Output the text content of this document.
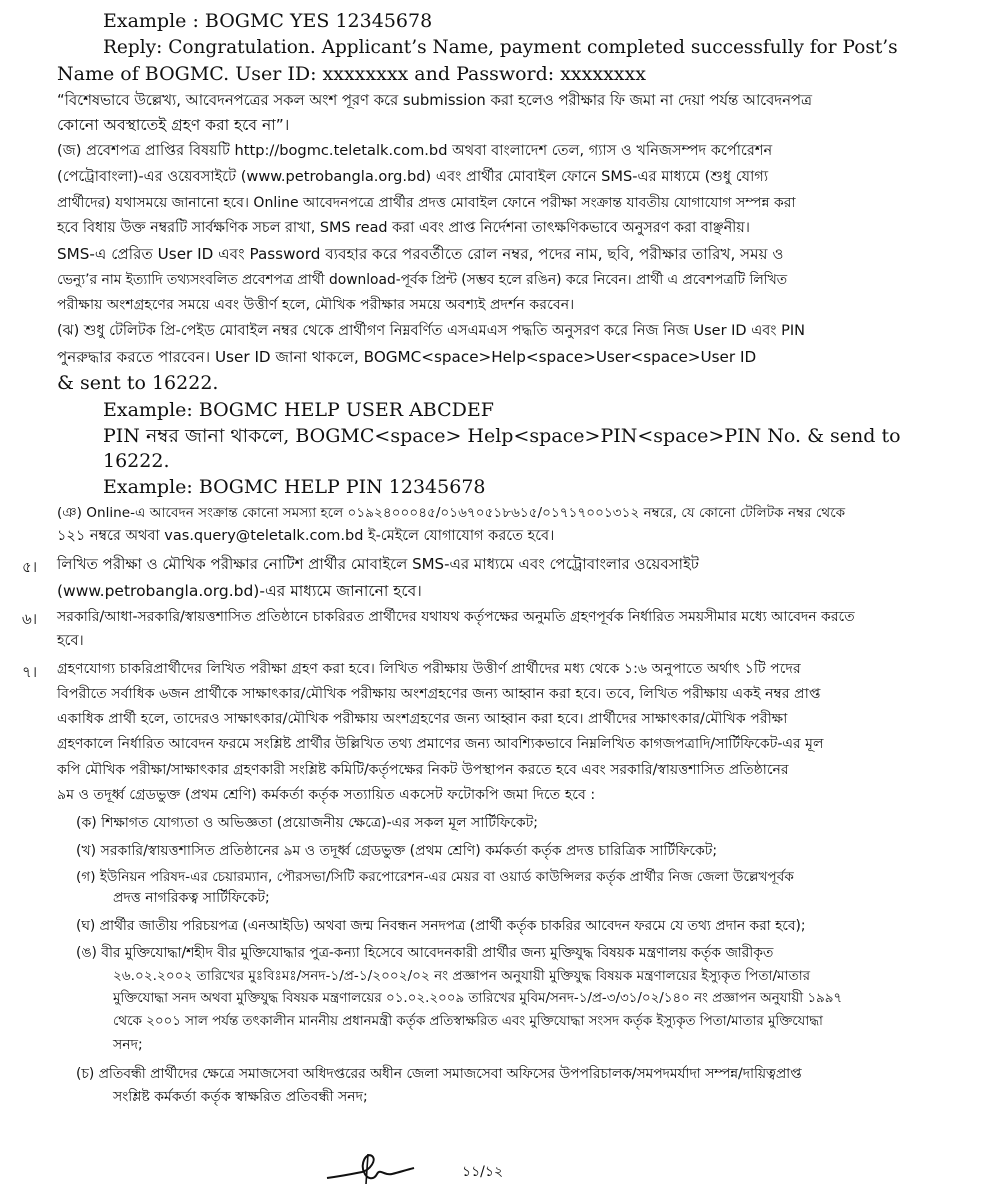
Example : BOGMC YES 12345678
Reply: Congratulation. Applicant’s Name, payment completed successfully for Post’s
Name of BOGMC. User ID: xxxxxxxx and Password: xxxxxxxx
“বিশেষভাবে উল্লেখ্য, আবেদনপত্রের সকল অংশ পূরণ করে submission করা হলেও পরীক্ষার ফি জমা না দেয়া পর্যন্ত আবেদনপত্র
কোনো অবস্থাতেই গ্রহণ করা হবে না”।
(জ) প্রবেশপত্র প্রাপ্তির বিষয়টি http://bogmc.teletalk.com.bd অথবা বাংলাদেশ তেল, গ্যাস ও খনিজসম্পদ কর্পোরেশন
(পেট্রোবাংলা)-এর ওয়েবসাইটে (www.petrobangla.org.bd) এবং প্রার্থীর মোবাইল ফোনে SMS-এর মাধ্যমে (শুধু যোগ্য
প্রার্থীদের) যথাসময়ে জানানো হবে। Online আবেদনপত্রে প্রার্থীর প্রদত্ত মোবাইল ফোনে পরীক্ষা সংক্রান্ত যাবতীয় যোগাযোগ সম্পন্ন করা
হবে বিধায় উক্ত নম্বরটি সার্বক্ষণিক সচল রাখা, SMS read করা এবং প্রাপ্ত নির্দেশনা তাৎক্ষণিকভাবে অনুসরণ করা বাঞ্ছনীয়।
SMS-এ প্রেরিত User ID এবং Password ব্যবহার করে পরবর্তীতে রোল নম্বর, পদের নাম, ছবি, পরীক্ষার তারিখ, সময় ও
ভেন্যু’র নাম ইত্যাদি তথ্যসংবলিত প্রবেশপত্র প্রার্থী download-পূর্বক প্রিন্ট (সম্ভব হলে রঙিন) করে নিবেন। প্রার্থী এ প্রবেশপত্রটি লিখিত
পরীক্ষায় অংশগ্রহণের সময়ে এবং উত্তীর্ণ হলে, মৌখিক পরীক্ষার সময়ে অবশ্যই প্রদর্শন করবেন।
(ঝ) শুধু টেলিটক প্রি-পেইড মোবাইল নম্বর থেকে প্রার্থীগণ নিম্নবর্ণিত এসএমএস পদ্ধতি অনুসরণ করে নিজ নিজ User ID এবং PIN
পুনরুদ্ধার করতে পারবেন। User ID জানা থাকলে, BOGMC<space>Help<space>User<space>User ID
& sent to 16222.
Example: BOGMC HELP USER ABCDEF
PIN নম্বর জানা থাকলে, BOGMC<space> Help<space>PIN<space>PIN No. & send to
16222.
Example: BOGMC HELP PIN 12345678
(ঞ) Online-এ আবেদন সংক্রান্ত কোনো সমস্যা হলে ০১৯২৪০০০৪৫/০১৬৭০৫১৮৬১৫/০১৭১৭০০১৩১২ নম্বরে, যে কোনো টেলিটক নম্বর থেকে
১২১ নম্বরে অথবা vas.query@teletalk.com.bd ই-মেইলে যোগাযোগ করতে হবে।
৫। লিখিত পরীক্ষা ও মৌখিক পরীক্ষার নোটিশ প্রার্থীর মোবাইলে SMS-এর মাধ্যমে এবং পেট্রোবাংলার ওয়েবসাইট
(www.petrobangla.org.bd)-এর মাধ্যমে জানানো হবে।
৬। সরকারি/আধা-সরকারি/স্বায়ত্তশাসিত প্রতিষ্ঠানে চাকরিরত প্রার্থীদের যথাযথ কর্তৃপক্ষের অনুমতি গ্রহণপূর্বক নির্ধারিত সময়সীমার মধ্যে আবেদন করতে
হবে।
৭। গ্রহণযোগ্য চাকরিপ্রার্থীদের লিখিত পরীক্ষা গ্রহণ করা হবে। লিখিত পরীক্ষায় উত্তীর্ণ প্রার্থীদের মধ্য থেকে ১:৬ অনুপাতে অর্থাৎ ১টি পদের
বিপরীতে সর্বাধিক ৬জন প্রার্থীকে সাক্ষাৎকার/মৌখিক পরীক্ষায় অংশগ্রহণের জন্য আহ্বান করা হবে। তবে, লিখিত পরীক্ষায় একই নম্বর প্রাপ্ত
একাধিক প্রার্থী হলে, তাদেরও সাক্ষাৎকার/মৌখিক পরীক্ষায় অংশগ্রহণের জন্য আহ্বান করা হবে। প্রার্থীদের সাক্ষাৎকার/মৌখিক পরীক্ষা
গ্রহণকালে নির্ধারিত আবেদন ফরমে সংশ্লিষ্ট প্রার্থীর উল্লিখিত তথ্য প্রমাণের জন্য আবশ্যিকভাবে নিম্নলিখিত কাগজপত্রাদি/সার্টিফিকেট-এর মূল
কপি মৌখিক পরীক্ষা/সাক্ষাৎকার গ্রহণকারী সংশ্লিষ্ট কমিটি/কর্তৃপক্ষের নিকট উপস্থাপন করতে হবে এবং সরকারি/স্বায়ত্তশাসিত প্রতিষ্ঠানের
৯ম ও তদূর্ধ্ব গ্রেডভুক্ত (প্রথম শ্রেণি) কর্মকর্তা কর্তৃক সত্যায়িত একসেট ফটোকপি জমা দিতে হবে :
(ক) শিক্ষাগত যোগ্যতা ও অভিজ্ঞতা (প্রয়োজনীয় ক্ষেত্রে)-এর সকল মূল সার্টিফিকেট;
(খ) সরকারি/স্বায়ত্তশাসিত প্রতিষ্ঠানের ৯ম ও তদূর্ধ্ব গ্রেডভুক্ত (প্রথম শ্রেণি) কর্মকর্তা কর্তৃক প্রদত্ত চারিত্রিক সার্টিফিকেট;
(গ) ইউনিয়ন পরিষদ-এর চেয়ারম্যান, পৌরসভা/সিটি করপোরেশন-এর মেয়র বা ওয়ার্ড কাউন্সিলর কর্তৃক প্রার্থীর নিজ জেলা উল্লেখপূর্বক
প্রদত্ত নাগরিকত্ব সার্টিফিকেট;
(ঘ) প্রার্থীর জাতীয় পরিচয়পত্র (এনআইডি) অথবা জন্ম নিবন্ধন সনদপত্র (প্রার্থী কর্তৃক চাকরির আবেদন ফরমে যে তথ্য প্রদান করা হবে);
(ঙ) বীর মুক্তিযোদ্ধা/শহীদ বীর মুক্তিযোদ্ধার পুত্র-কন্যা হিসেবে আবেদনকারী প্রার্থীর জন্য মুক্তিযুদ্ধ বিষয়ক মন্ত্রণালয় কর্তৃক জারীকৃত
২৬.০২.২০০২ তারিখের মুঃবিঃমঃ/সনদ-১/প্র-১/২০০২/০২ নং প্রজ্ঞাপন অনুযায়ী মুক্তিযুদ্ধ বিষয়ক মন্ত্রণালয়ের ইস্যুকৃত পিতা/মাতার
মুক্তিযোদ্ধা সনদ অথবা মুক্তিযুদ্ধ বিষয়ক মন্ত্রণালয়ের ০১.০২.২০০৯ তারিখের মুবিম/সনদ-১/প্র-৩/৩১/০২/১৪০ নং প্রজ্ঞাপন অনুযায়ী ১৯৯৭
থেকে ২০০১ সাল পর্যন্ত তৎকালীন মাননীয় প্রধানমন্ত্রী কর্তৃক প্রতিস্বাক্ষরিত এবং মুক্তিযোদ্ধা সংসদ কর্তৃক ইস্যুকৃত পিতা/মাতার মুক্তিযোদ্ধা
সনদ;
(চ) প্রতিবন্ধী প্রার্থীদের ক্ষেত্রে সমাজসেবা অধিদপ্তরের অধীন জেলা সমাজসেবা অফিসের উপপরিচালক/সমপদমর্যাদা সম্পন্ন/দায়িত্বপ্রাপ্ত
সংশ্লিষ্ট কর্মকর্তা কর্তৃক স্বাক্ষরিত প্রতিবন্ধী সনদ;
১১/১২
